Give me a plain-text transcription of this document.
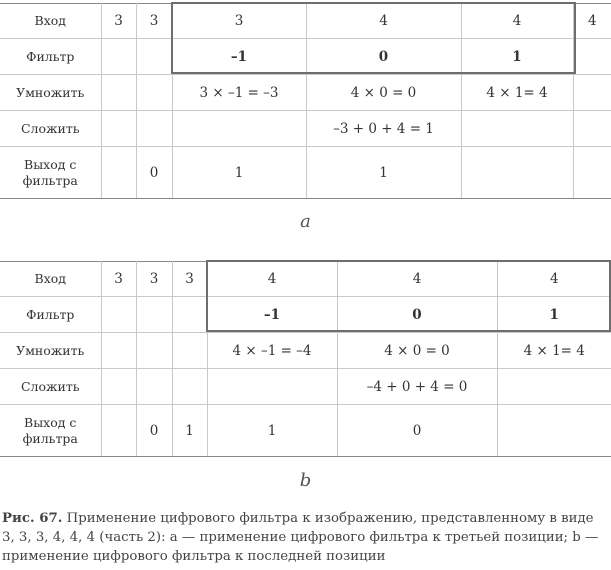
Вход	3	3	3	4	4	4
Фильтр			–1	0	1	
Умножить			3 × –1 = –3	4 × 0 = 0	4 × 1= 4	
Сложить				–3 + 0 + 4 = 1		
Выход с фильтра		0	1	1		
a
Вход	3	3	3	4	4	4
Фильтр				–1	0	1
Умножить				4 × –1 = –4	4 × 0 = 0	4 × 1= 4
Сложить					–4 + 0 + 4 = 0	
Выход с фильтра		0	1	1	0	
b
Рис. 67. Применение цифрового фильтра к изображению, представленному в виде 3, 3, 3, 4, 4, 4 (часть 2): a — применение цифрового фильтра к третьей позиции; b — применение цифрового фильтра к последней позиции
